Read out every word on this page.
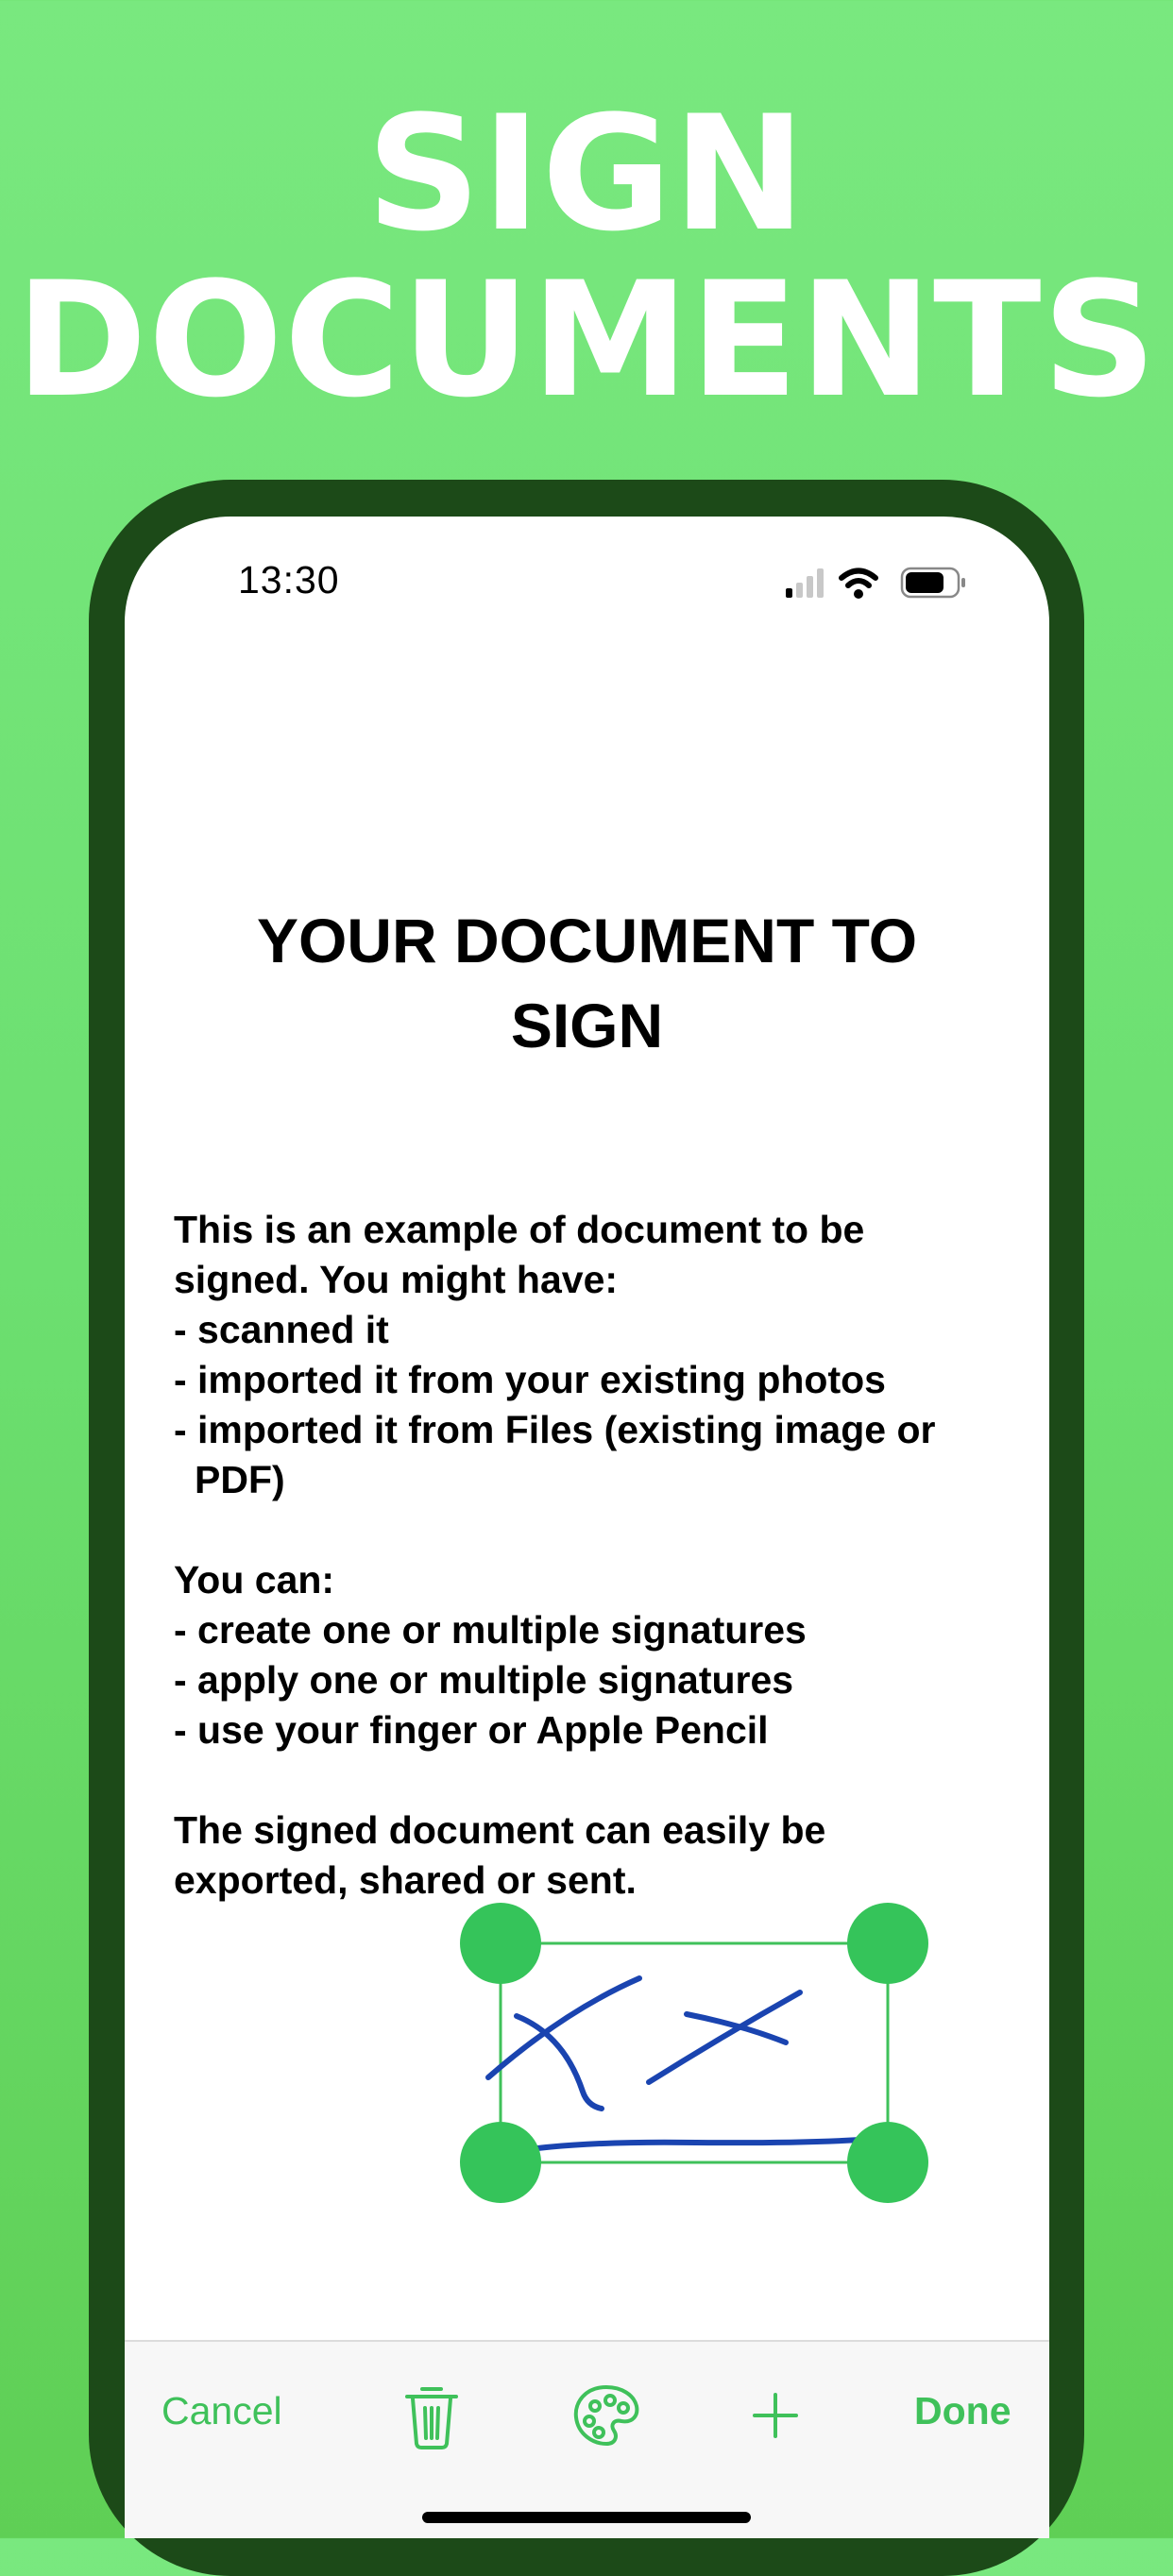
SIGN
DOCUMENTS
13:30
YOUR DOCUMENT TO
SIGN

This is an example of document to be

signed. You might have:

- scanned it

- imported it from your existing photos

- imported it from Files (existing image or PDF)

You can:

- create one or multiple signatures

- apply one or multiple signatures

- use your finger or Apple Pencil

The signed document can easily be

exported, shared or sent.

Cancel	Done
